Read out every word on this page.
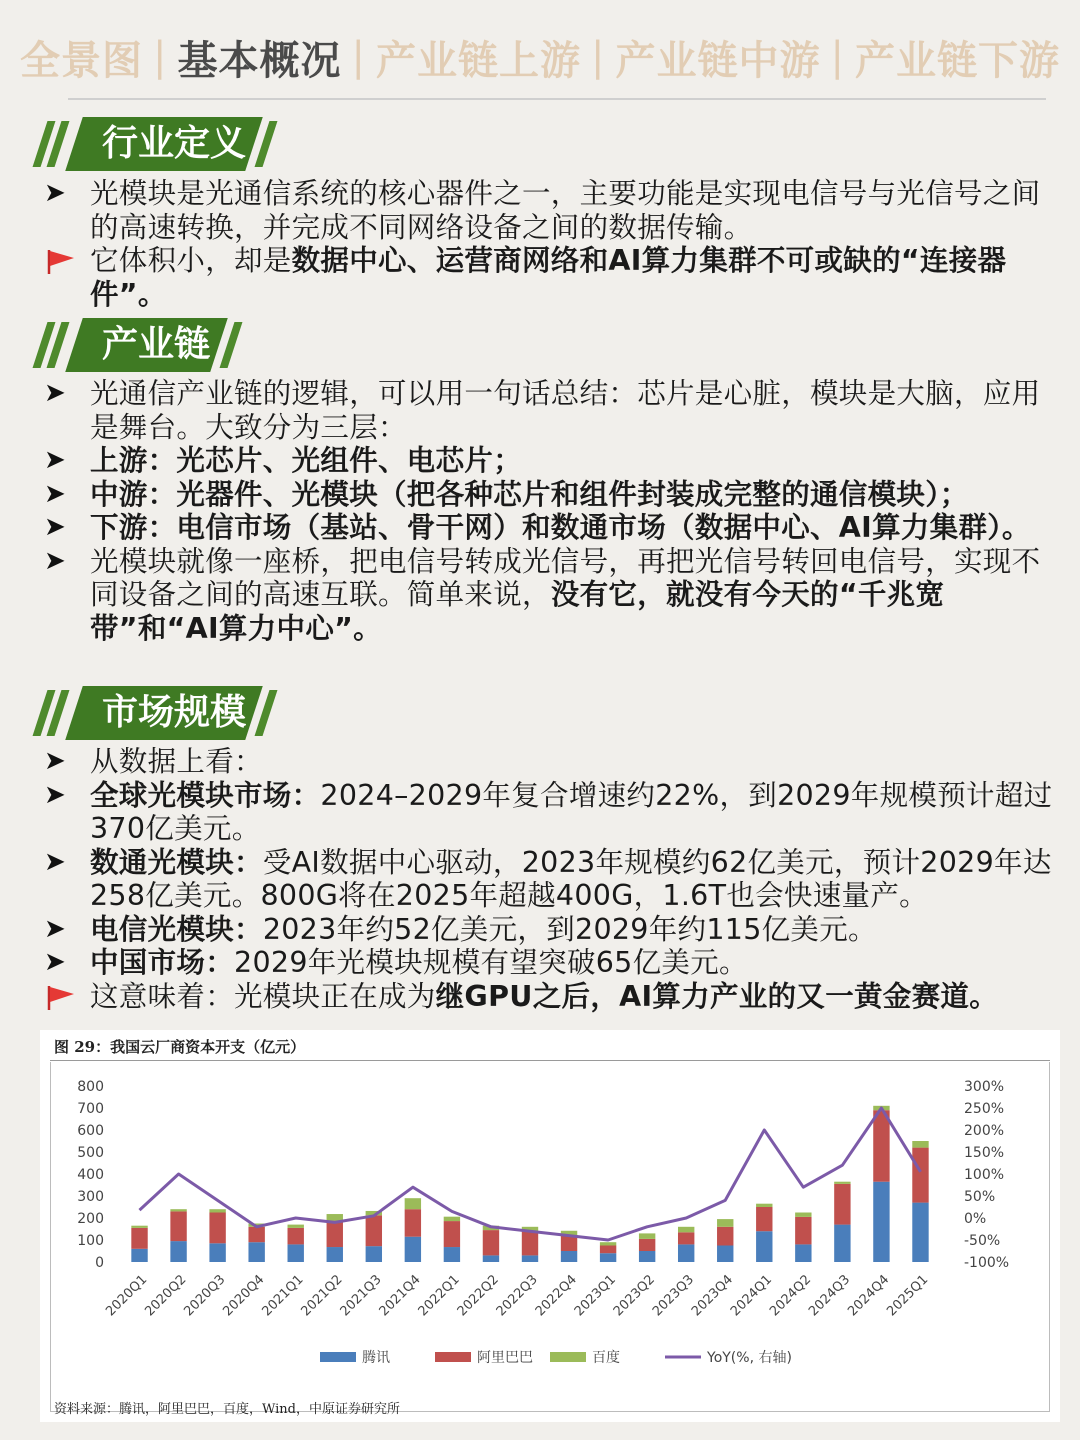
全景图 | 基本概况 | 产业链上游 | 产业链中游 | 产业链下游
行业定义
➤ 光模块是光通信系统的核心器件之一，主要功能是实现电信号与光信号之间的高速转换，并完成不同网络设备之间的数据传输。
它体积小，却是数据中心、运营商网络和AI算力集群不可或缺的“连接器件”。
产业链
➤ 光通信产业链的逻辑，可以用一句话总结：芯片是心脏，模块是大脑，应用是舞台。大致分为三层：
➤ 上游：光芯片、光组件、电芯片；
➤ 中游：光器件、光模块（把各种芯片和组件封装成完整的通信模块）；
➤ 下游：电信市场（基站、骨干网）和数通市场（数据中心、AI算力集群）。
➤ 光模块就像一座桥，把电信号转成光信号，再把光信号转回电信号，实现不同设备之间的高速互联。简单来说，没有它，就没有今天的“千兆宽带”和“AI算力中心”。
市场规模
➤ 从数据上看：
➤ 全球光模块市场：2024–2029年复合增速约22%，到2029年规模预计超过370亿美元。
➤ 数通光模块：受AI数据中心驱动，2023年规模约62亿美元，预计2029年达258亿美元。800G将在2025年超越400G，1.6T也会快速量产。
➤ 电信光模块：2023年约52亿美元，到2029年约115亿美元。
➤ 中国市场：2029年光模块规模有望突破65亿美元。
这意味着：光模块正在成为继GPU之后，AI算力产业的又一黄金赛道。
图 29：我国云厂商资本开支（亿元）
0
100
200
300
400
500
600
700
800
-100%
-50%
0%
50%
100%
150%
200%
250%
300%
2020Q1
2020Q2
2020Q3
2020Q4
2021Q1
2021Q2
2021Q3
2021Q4
2022Q1
2022Q2
2022Q3
2022Q4
2023Q1
2023Q2
2023Q3
2023Q4
2024Q1
2024Q2
2024Q3
2024Q4
2025Q1
腾讯	阿里巴巴	百度	YoY(%, 右轴)
资料来源：腾讯，阿里巴巴，百度，Wind，中原证券研究所
